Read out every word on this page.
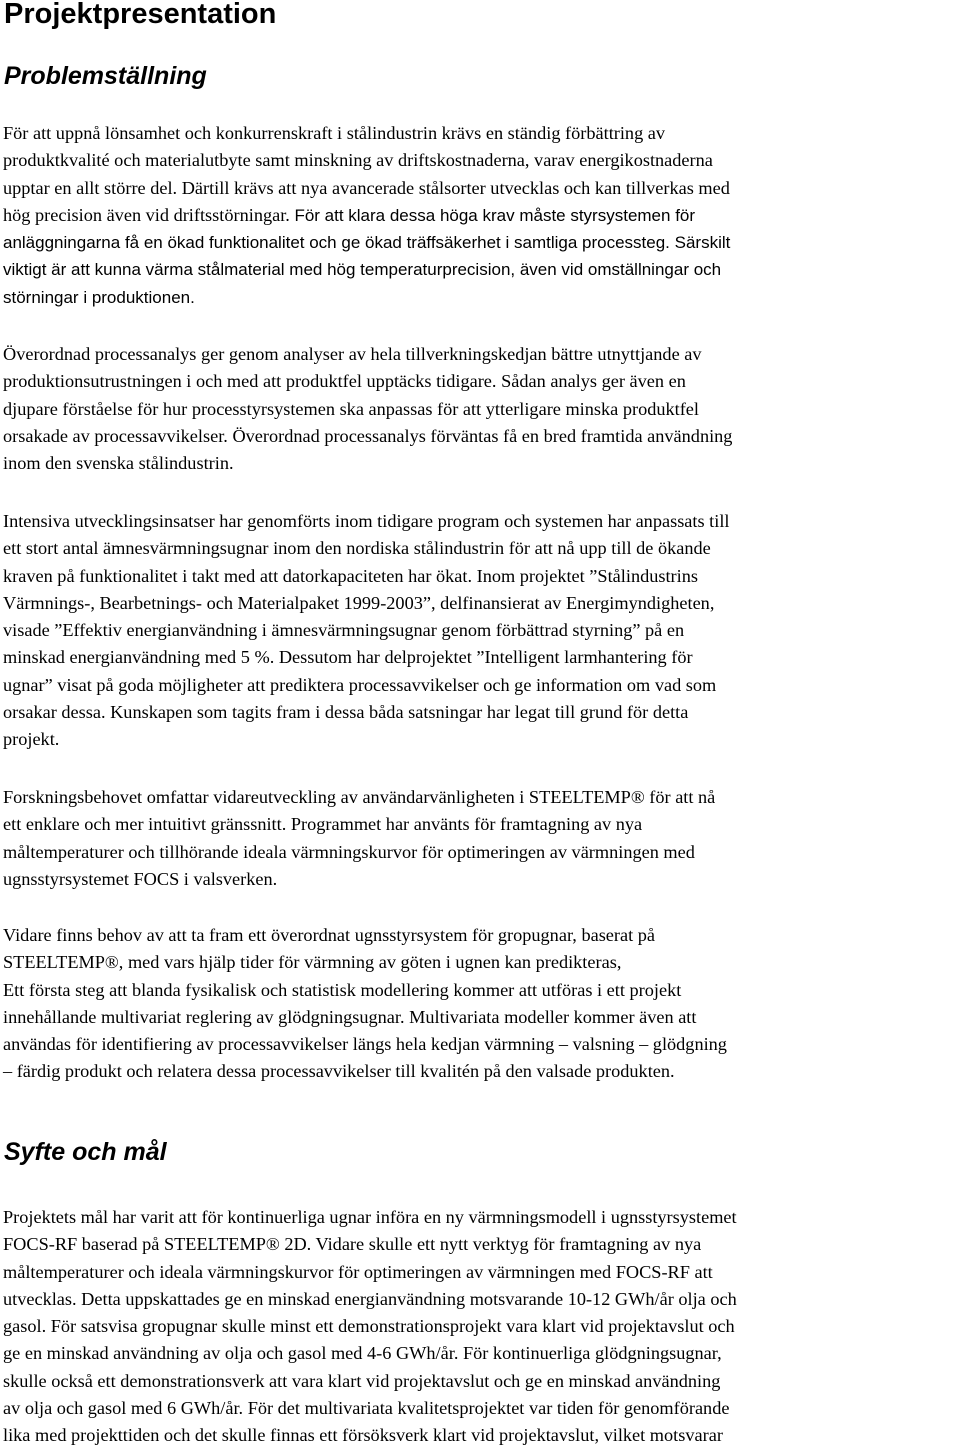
Projektpresentation
Problemställning
För att uppnå lönsamhet och konkurrenskraft i stålindustrin krävs en ständig förbättring av
produktkvalité och materialutbyte samt minskning av driftskostnaderna, varav energikostnaderna
upptar en allt större del. Därtill krävs att nya avancerade stålsorter utvecklas och kan tillverkas med
hög precision även vid driftsstörningar. För att klara dessa höga krav måste styrsystemen för
anläggningarna få en ökad funktionalitet och ge ökad träffsäkerhet i samtliga processteg. Särskilt
viktigt är att kunna värma stålmaterial med hög temperaturprecision, även vid omställningar och
störningar i produktionen.
Överordnad processanalys ger genom analyser av hela tillverkningskedjan bättre utnyttjande av
produktionsutrustningen i och med att produktfel upptäcks tidigare. Sådan analys ger även en
djupare förståelse för hur processtyrsystemen ska anpassas för att ytterligare minska produktfel
orsakade av processavvikelser. Överordnad processanalys förväntas få en bred framtida användning
inom den svenska stålindustrin.
Intensiva utvecklingsinsatser har genomförts inom tidigare program och systemen har anpassats till
ett stort antal ämnesvärmningsugnar inom den nordiska stålindustrin för att nå upp till de ökande
kraven på funktionalitet i takt med att datorkapaciteten har ökat. Inom projektet ”Stålindustrins
Värmnings-, Bearbetnings- och Materialpaket 1999-2003”, delfinansierat av Energimyndigheten,
visade ”Effektiv energianvändning i ämnesvärmningsugnar genom förbättrad styrning” på en
minskad energianvändning med 5 %. Dessutom har delprojektet ”Intelligent larmhantering för
ugnar” visat på goda möjligheter att prediktera processavvikelser och ge information om vad som
orsakar dessa. Kunskapen som tagits fram i dessa båda satsningar har legat till grund för detta
projekt.
Forskningsbehovet omfattar vidareutveckling av användarvänligheten i STEELTEMP® för att nå
ett enklare och mer intuitivt gränssnitt. Programmet har använts för framtagning av nya
måltemperaturer och tillhörande ideala värmningskurvor för optimeringen av värmningen med
ugnsstyrsystemet FOCS i valsverken.
Vidare finns behov av att ta fram ett överordnat ugnsstyrsystem för gropugnar, baserat på
STEELTEMP®, med vars hjälp tider för värmning av göten i ugnen kan predikteras,
Ett första steg att blanda fysikalisk och statistisk modellering kommer att utföras i ett projekt
innehållande multivariat reglering av glödgningsugnar. Multivariata modeller kommer även att
användas för identifiering av processavvikelser längs hela kedjan värmning – valsning – glödgning
– färdig produkt och relatera dessa processavvikelser till kvalitén på den valsade produkten.
Syfte och mål
Projektets mål har varit att för kontinuerliga ugnar införa en ny värmningsmodell i ugnsstyrsystemet
FOCS-RF baserad på STEELTEMP® 2D. Vidare skulle ett nytt verktyg för framtagning av nya
måltemperaturer och ideala värmningskurvor för optimeringen av värmningen med FOCS-RF att
utvecklas. Detta uppskattades ge en minskad energianvändning motsvarande 10-12 GWh/år olja och
gasol. För satsvisa gropugnar skulle minst ett demonstrationsprojekt vara klart vid projektavslut och
ge en minskad användning av olja och gasol med 4-6 GWh/år. För kontinuerliga glödgningsugnar,
skulle också ett demonstrationsverk att vara klart vid projektavslut och ge en minskad användning
av olja och gasol med 6 GWh/år. För det multivariata kvalitetsprojektet var tiden för genomförande
lika med projekttiden och det skulle finnas ett försöksverk klart vid projektavslut, vilket motsvarar
